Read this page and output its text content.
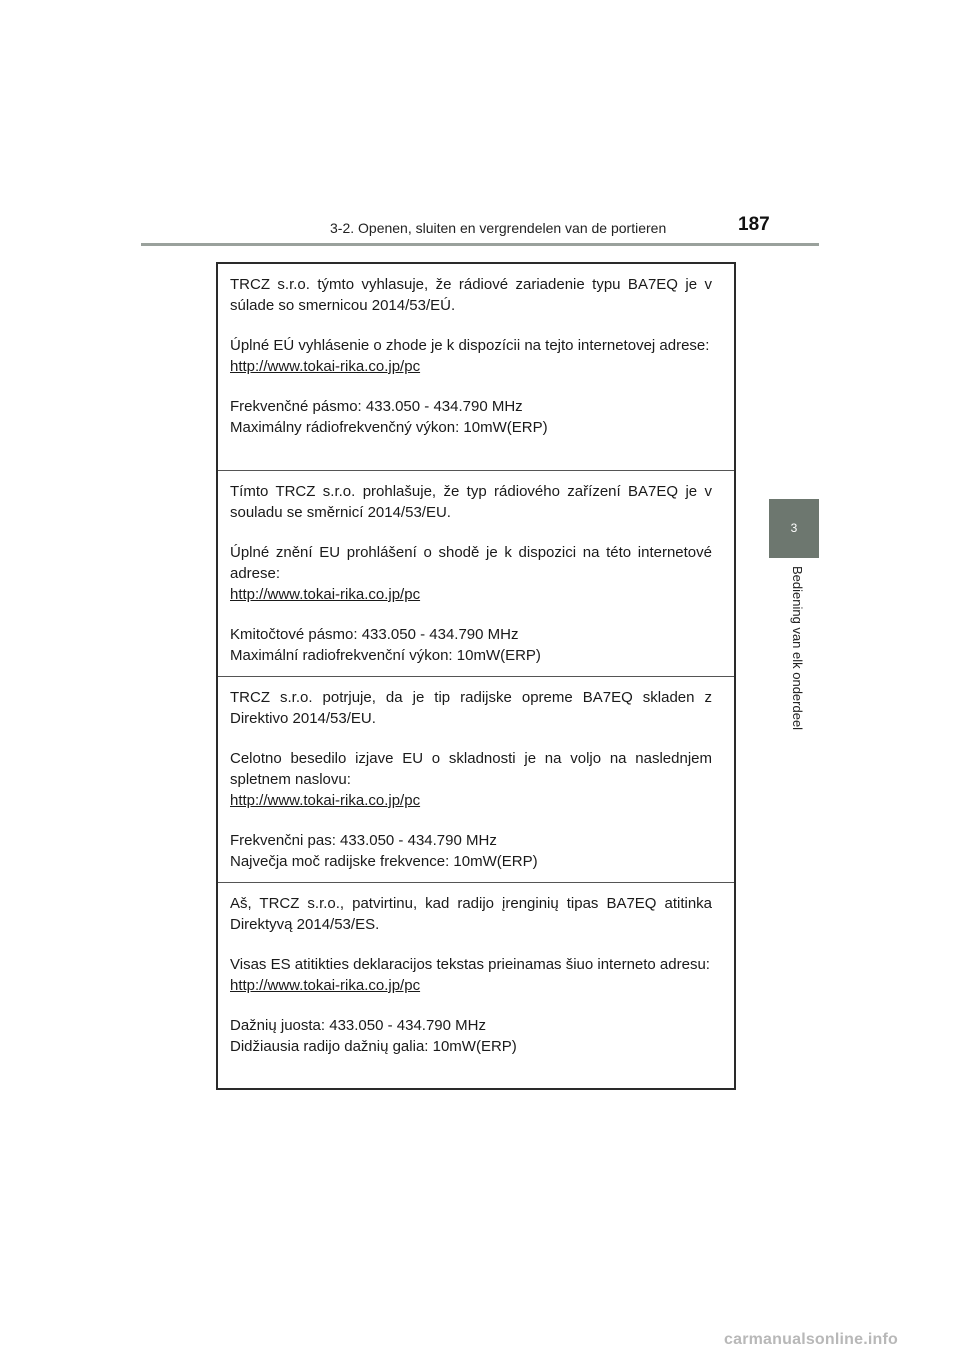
3-2. Openen, sluiten en vergrendelen van de portieren	187
3
Bediening van elk onderdeel

TRCZ s.r.o. týmto vyhlasuje, že rádiové zariadenie typu BA7EQ je v súlade so smernicou 2014/53/EÚ.

Úplné EÚ vyhlásenie o zhode je k dispozícii na tejto internetovej adrese:

http://www.tokai-rika.co.jp/pc

Frekvenčné pásmo: 433.050 - 434.790 MHz

Maximálny rádiofrekvenčný výkon: 10mW(ERP)

Tímto TRCZ s.r.o. prohlašuje, že typ rádiového zařízení BA7EQ je v souladu se směrnicí 2014/53/EU.

Úplné znění EU prohlášení o shodě je k dispozici na této internetové adrese:

http://www.tokai-rika.co.jp/pc

Kmitočtové pásmo: 433.050 - 434.790 MHz

Maximální radiofrekvenční výkon: 10mW(ERP)

TRCZ s.r.o. potrjuje, da je tip radijske opreme BA7EQ skladen z Direktivo 2014/53/EU.

Celotno besedilo izjave EU o skladnosti je na voljo na naslednjem spletnem naslovu:

http://www.tokai-rika.co.jp/pc

Frekvenčni pas: 433.050 - 434.790 MHz

Največja moč radijske frekvence: 10mW(ERP)

Aš, TRCZ s.r.o., patvirtinu, kad radijo įrenginių tipas BA7EQ atitinka Direktyvą 2014/53/ES.

Visas ES atitikties deklaracijos tekstas prieinamas šiuo interneto adresu:

http://www.tokai-rika.co.jp/pc

Dažnių juosta: 433.050 - 434.790 MHz

Didžiausia radijo dažnių galia: 10mW(ERP)

carmanualsonline.info
